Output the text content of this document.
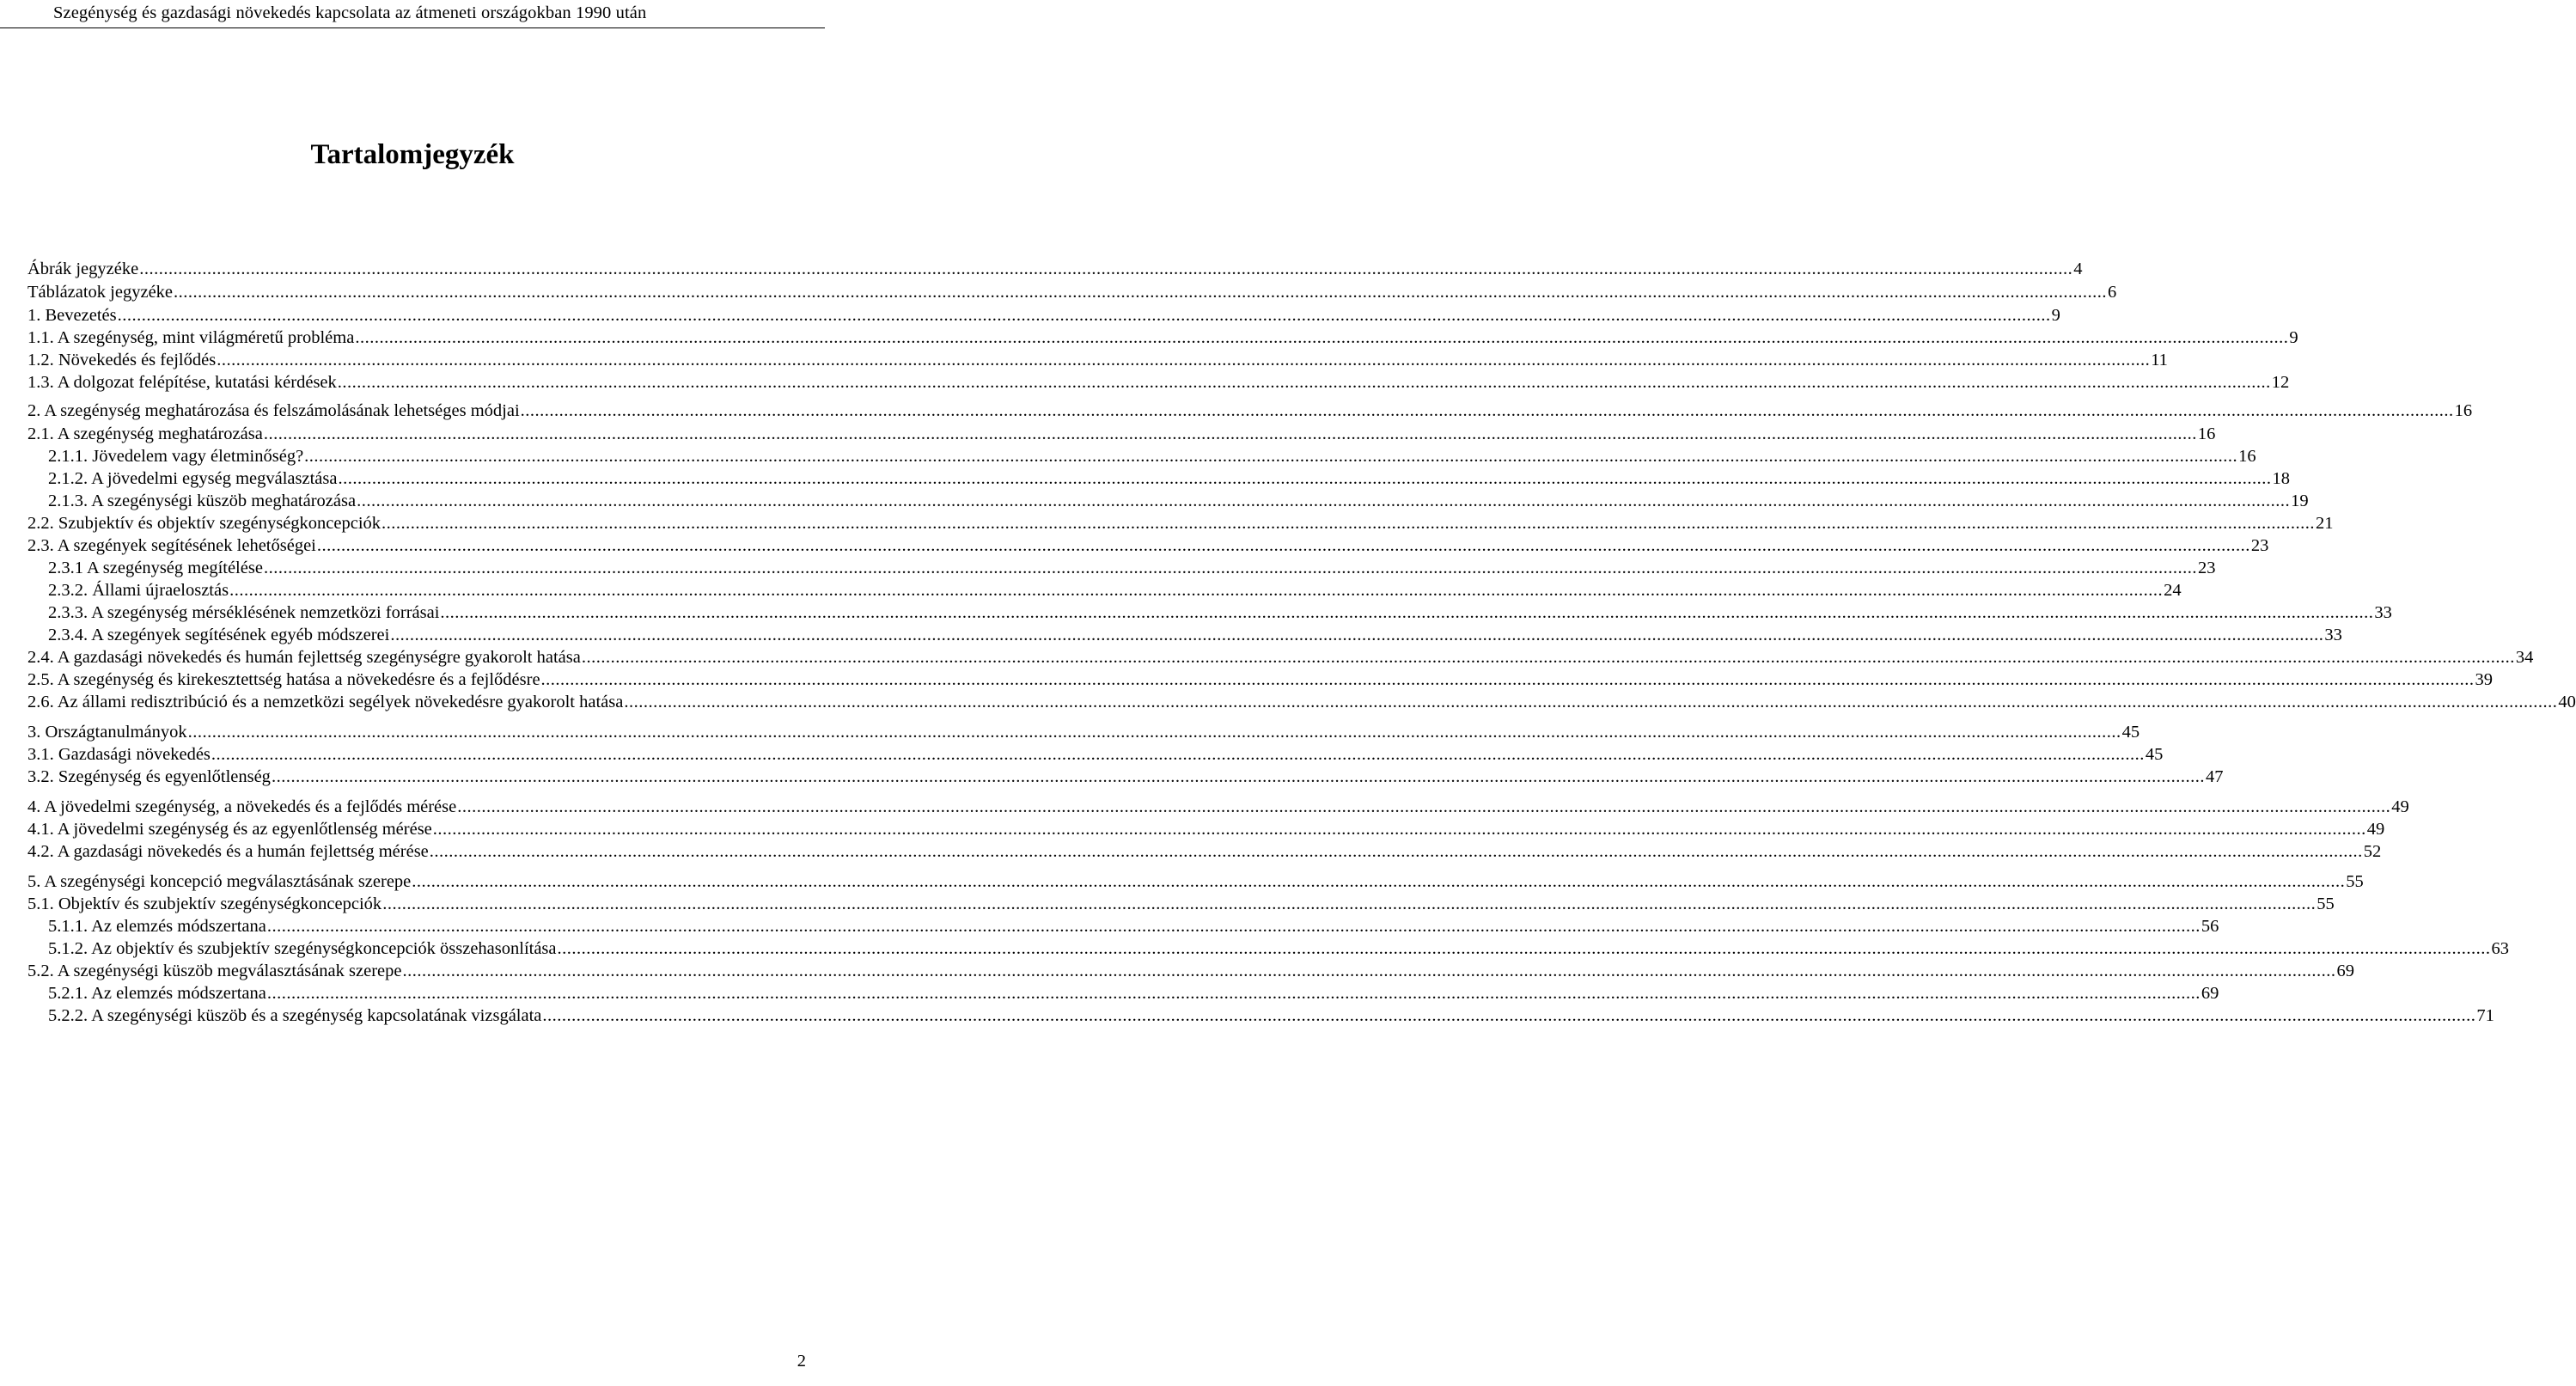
Szegénység és gazdasági növekedés kapcsolata az átmeneti országokban 1990 után
Tartalomjegyzék
Ábrák jegyzéke ................................................................................................................................................................................................................................................................................................................................................................................................................ 4
Táblázatok jegyzéke ................................................................................................................................................................................................................................................................................................................................................................................................................ 6
1. Bevezetés ................................................................................................................................................................................................................................................................................................................................................................................................................ 9
1.1. A szegénység, mint világméretű probléma ................................................................................................................................................................................................................................................................................................................................................................................................................ 9
1.2. Növekedés és fejlődés ................................................................................................................................................................................................................................................................................................................................................................................................................ 11
1.3. A dolgozat felépítése, kutatási kérdések ................................................................................................................................................................................................................................................................................................................................................................................................................ 12
2. A szegénység meghatározása és felszámolásának lehetséges módjai ................................................................................................................................................................................................................................................................................................................................................................................................................ 16
2.1. A szegénység meghatározása ................................................................................................................................................................................................................................................................................................................................................................................................................ 16
2.1.1. Jövedelem vagy életminőség? ................................................................................................................................................................................................................................................................................................................................................................................................................ 16
2.1.2. A jövedelmi egység megválasztása ................................................................................................................................................................................................................................................................................................................................................................................................................ 18
2.1.3. A szegénységi küszöb meghatározása ................................................................................................................................................................................................................................................................................................................................................................................................................ 19
2.2. Szubjektív és objektív szegénységkoncepciók ................................................................................................................................................................................................................................................................................................................................................................................................................ 21
2.3. A szegények segítésének lehetőségei ................................................................................................................................................................................................................................................................................................................................................................................................................ 23
2.3.1 A szegénység megítélése ................................................................................................................................................................................................................................................................................................................................................................................................................ 23
2.3.2. Állami újraelosztás ................................................................................................................................................................................................................................................................................................................................................................................................................ 24
2.3.3. A szegénység mérséklésének nemzetközi forrásai ................................................................................................................................................................................................................................................................................................................................................................................................................ 33
2.3.4. A szegények segítésének egyéb módszerei ................................................................................................................................................................................................................................................................................................................................................................................................................ 33
2.4. A gazdasági növekedés és humán fejlettség szegénységre gyakorolt hatása ................................................................................................................................................................................................................................................................................................................................................................................................................ 34
2.5. A szegénység és kirekesztettség hatása a növekedésre és a fejlődésre ................................................................................................................................................................................................................................................................................................................................................................................................................ 39
2.6. Az állami redisztribúció és a nemzetközi segélyek növekedésre gyakorolt hatása ................................................................................................................................................................................................................................................................................................................................................................................................................ 40
3. Országtanulmányok ................................................................................................................................................................................................................................................................................................................................................................................................................ 45
3.1. Gazdasági növekedés ................................................................................................................................................................................................................................................................................................................................................................................................................ 45
3.2. Szegénység és egyenlőtlenség ................................................................................................................................................................................................................................................................................................................................................................................................................ 47
4. A jövedelmi szegénység, a növekedés és a fejlődés mérése ................................................................................................................................................................................................................................................................................................................................................................................................................ 49
4.1. A jövedelmi szegénység és az egyenlőtlenség mérése ................................................................................................................................................................................................................................................................................................................................................................................................................ 49
4.2. A gazdasági növekedés és a humán fejlettség mérése ................................................................................................................................................................................................................................................................................................................................................................................................................ 52
5. A szegénységi koncepció megválasztásának szerepe ................................................................................................................................................................................................................................................................................................................................................................................................................ 55
5.1. Objektív és szubjektív szegénységkoncepciók ................................................................................................................................................................................................................................................................................................................................................................................................................ 55
5.1.1. Az elemzés módszertana ................................................................................................................................................................................................................................................................................................................................................................................................................ 56
5.1.2. Az objektív és szubjektív szegénységkoncepciók összehasonlítása ................................................................................................................................................................................................................................................................................................................................................................................................................ 63
5.2. A szegénységi küszöb megválasztásának szerepe ................................................................................................................................................................................................................................................................................................................................................................................................................ 69
5.2.1. Az elemzés módszertana ................................................................................................................................................................................................................................................................................................................................................................................................................ 69
5.2.2. A szegénységi küszöb és a szegénység kapcsolatának vizsgálata ................................................................................................................................................................................................................................................................................................................................................................................................................ 71
2
